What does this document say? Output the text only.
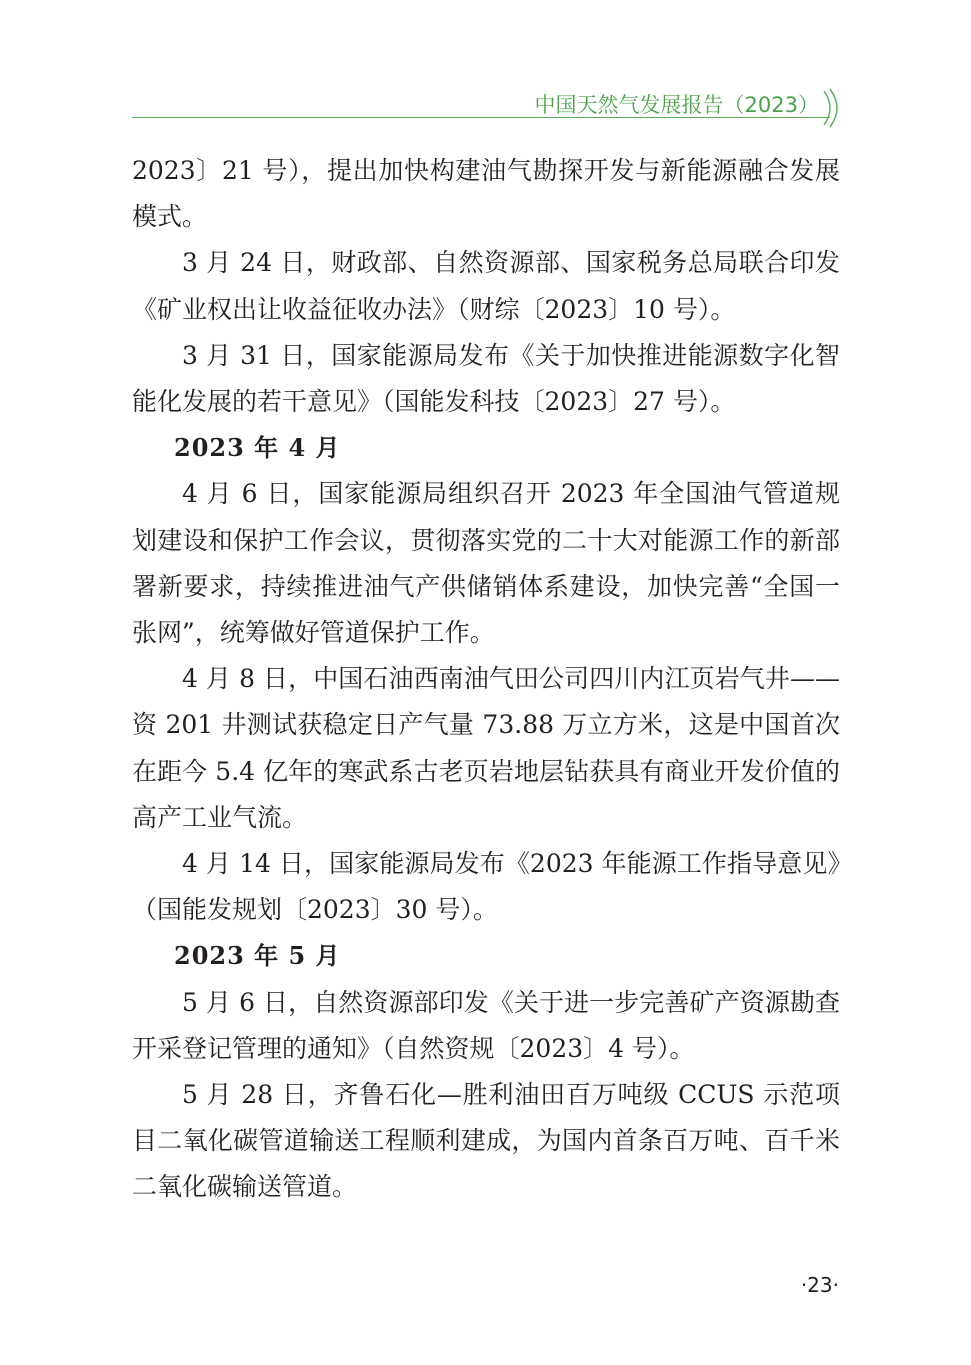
中国天然气发展报告（2023）

2023〕21 号），提出加快构建油气勘探开发与新能源融合发展模式。

3 月 24 日，财政部、自然资源部、国家税务总局联合印发《矿业权出让收益征收办法》（财综〔2023〕10 号）。

3 月 31 日，国家能源局发布《关于加快推进能源数字化智能化发展的若干意见》（国能发科技〔2023〕27 号）。

2023 年 4 月

4 月 6 日，国家能源局组织召开 2023 年全国油气管道规划建设和保护工作会议，贯彻落实党的二十大对能源工作的新部署新要求，持续推进油气产供储销体系建设，加快完善“全国一张网”，统筹做好管道保护工作。

4 月 8 日，中国石油西南油气田公司四川内江页岩气井——资 201 井测试获稳定日产气量 73.88 万立方米，这是中国首次在距今 5.4 亿年的寒武系古老页岩地层钻获具有商业开发价值的高产工业气流。

4 月 14 日，国家能源局发布《2023 年能源工作指导意见》（国能发规划〔2023〕30 号）。

2023 年 5 月

5 月 6 日，自然资源部印发《关于进一步完善矿产资源勘查开采登记管理的通知》（自然资规〔2023〕4 号）。

5 月 28 日，齐鲁石化—胜利油田百万吨级 CCUS 示范项目二氧化碳管道输送工程顺利建成，为国内首条百万吨、百千米二氧化碳输送管道。

·23·
